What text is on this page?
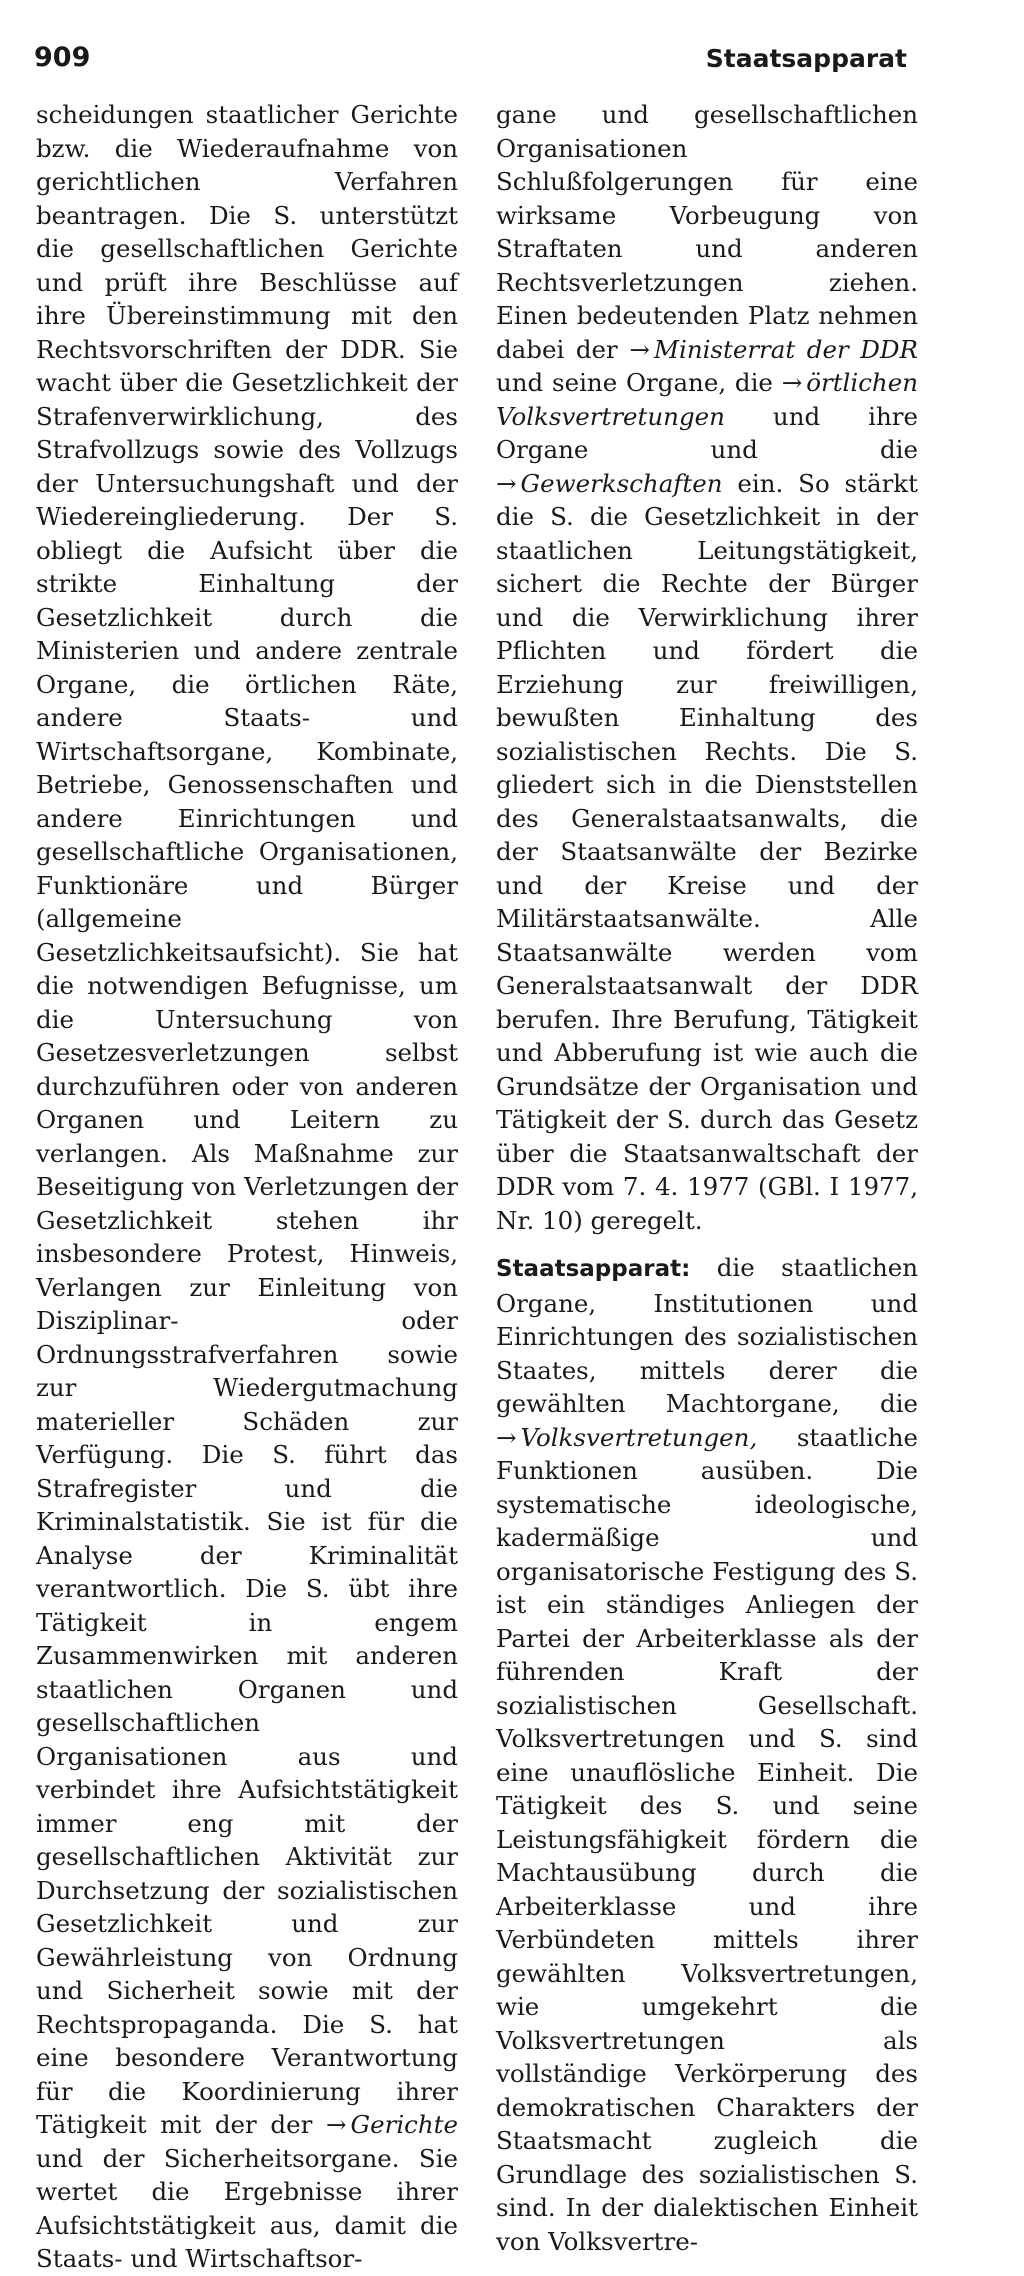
909	Staatsapparat

scheidungen staatlicher Gerichte bzw. die Wiederaufnahme von gerichtlichen Verfahren beantragen. Die S. unterstützt die gesellschaftlichen Gerichte und prüft ihre Beschlüsse auf ihre Übereinstimmung mit den Rechtsvorschriften der DDR. Sie wacht über die Gesetzlichkeit der Strafenverwirklichung, des Strafvollzugs sowie des Vollzugs der Untersuchungshaft und der Wiedereingliederung. Der S. obliegt die Aufsicht über die strikte Einhaltung der Gesetzlichkeit durch die Ministerien und andere zentrale Organe, die örtlichen Räte, andere Staats- und Wirtschaftsorgane, Kombinate, Betriebe, Genossenschaften und andere Einrichtungen und gesellschaftliche Organisationen, Funktionäre und Bürger (allgemeine Gesetzlichkeitsaufsicht). Sie hat die notwendigen Befugnisse, um die Untersuchung von Gesetzesverletzungen selbst durchzuführen oder von anderen Organen und Leitern zu verlangen. Als Maßnahme zur Beseitigung von Verletzungen der Gesetzlichkeit stehen ihr insbesondere Protest, Hinweis, Verlangen zur Einleitung von Disziplinar- oder Ordnungsstrafverfahren sowie zur Wiedergutmachung materieller Schäden zur Verfügung. Die S. führt das Strafregister und die Kriminalstatistik. Sie ist für die Analyse der Kriminalität verantwortlich. Die S. übt ihre Tätigkeit in engem Zusammenwirken mit anderen staatlichen Organen und gesellschaftlichen Organisationen aus und verbindet ihre Aufsichtstätigkeit immer eng mit der gesellschaftlichen Aktivität zur Durchsetzung der sozialistischen Gesetzlichkeit und zur Gewährleistung von Ordnung und Sicherheit sowie mit der Rechtspropaganda. Die S. hat eine besondere Verantwortung für die Koordinierung ihrer Tätigkeit mit der der → Gerichte und der Sicherheitsorgane. Sie wertet die Ergebnisse ihrer Aufsichtstätigkeit aus, damit die Staats- und Wirtschaftsor-

gane und gesellschaftlichen Organisationen Schlußfolgerungen für eine wirksame Vorbeugung von Straftaten und anderen Rechtsverletzungen ziehen. Einen bedeutenden Platz nehmen dabei der → Ministerrat der DDR und seine Organe, die → örtlichen Volksvertretungen und ihre Organe und die → Gewerkschaften ein. So stärkt die S. die Gesetzlichkeit in der staatlichen Leitungstätigkeit, sichert die Rechte der Bürger und die Verwirklichung ihrer Pflichten und fördert die Erziehung zur freiwilligen, bewußten Einhaltung des sozialistischen Rechts. Die S. gliedert sich in die Dienststellen des Generalstaatsanwalts, die der Staatsanwälte der Bezirke und der Kreise und der Militärstaatsanwälte. Alle Staatsanwälte werden vom Generalstaatsanwalt der DDR berufen. Ihre Berufung, Tätigkeit und Abberufung ist wie auch die Grundsätze der Organisation und Tätigkeit der S. durch das Gesetz über die Staatsanwaltschaft der DDR vom 7. 4. 1977 (GBl. I 1977, Nr. 10) geregelt.

Staatsapparat: die staatlichen Organe, Institutionen und Einrichtungen des sozialistischen Staates, mittels derer die gewählten Machtorgane, die → Volksvertretungen, staatliche Funktionen ausüben. Die systematische ideologische, kadermäßige und organisatorische Festigung des S. ist ein ständiges Anliegen der Partei der Arbeiterklasse als der führenden Kraft der sozialistischen Gesellschaft. Volksvertretungen und S. sind eine unauflösliche Einheit. Die Tätigkeit des S. und seine Leistungsfähigkeit fördern die Machtausübung durch die Arbeiterklasse und ihre Verbündeten mittels ihrer gewählten Volksvertretungen, wie umgekehrt die Volksvertretungen als vollständige Verkörperung des demokratischen Charakters der Staatsmacht zugleich die Grundlage des sozialistischen S. sind. In der dialektischen Einheit von Volksvertre-
